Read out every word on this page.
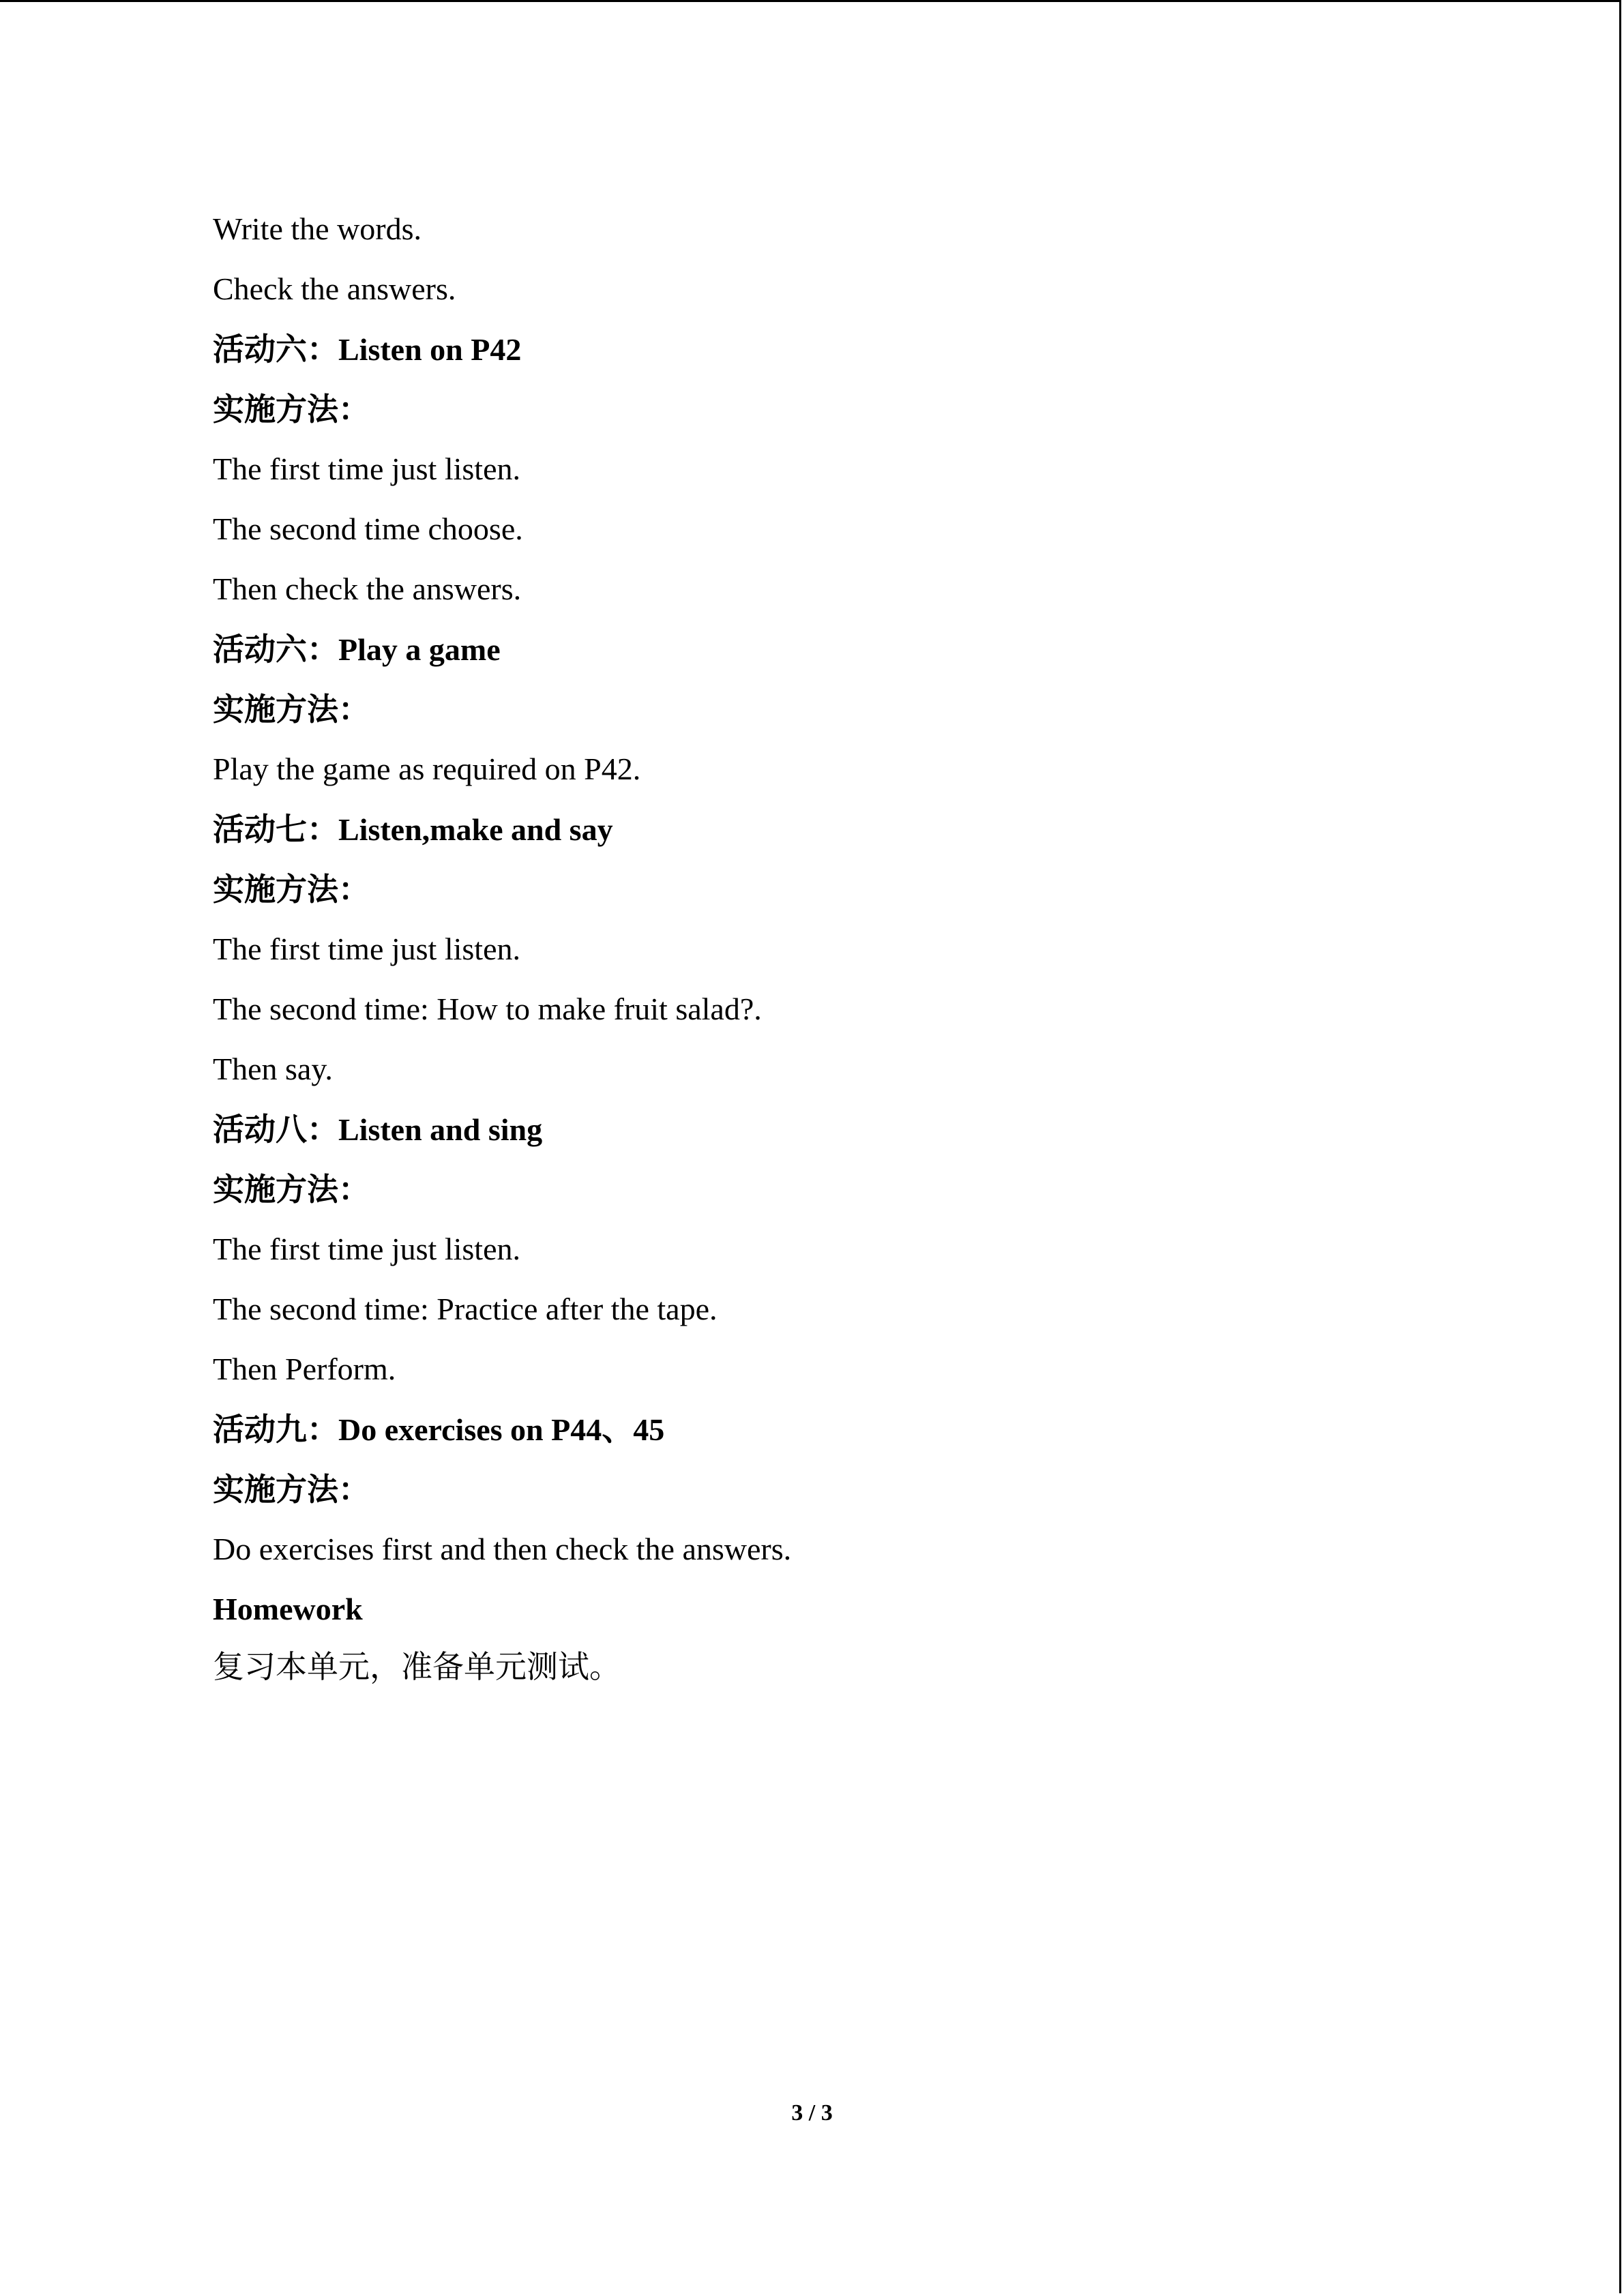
Write the words.
Check the answers.
活动六：Listen on P42
实施方法：
The first time just listen.
The second time choose.
Then check the answers.
活动六：Play a game
实施方法：
Play the game as required on P42.
活动七：Listen,make and say
实施方法：
The first time just listen.
The second time: How to make fruit salad?.
Then say.
活动八：Listen and sing
实施方法：
The first time just listen.
The second time: Practice after the tape.
Then Perform.
活动九：Do exercises on P44、45
实施方法：
Do exercises first and then check the answers.
Homework
复习本单元，准备单元测试。
3 / 3
